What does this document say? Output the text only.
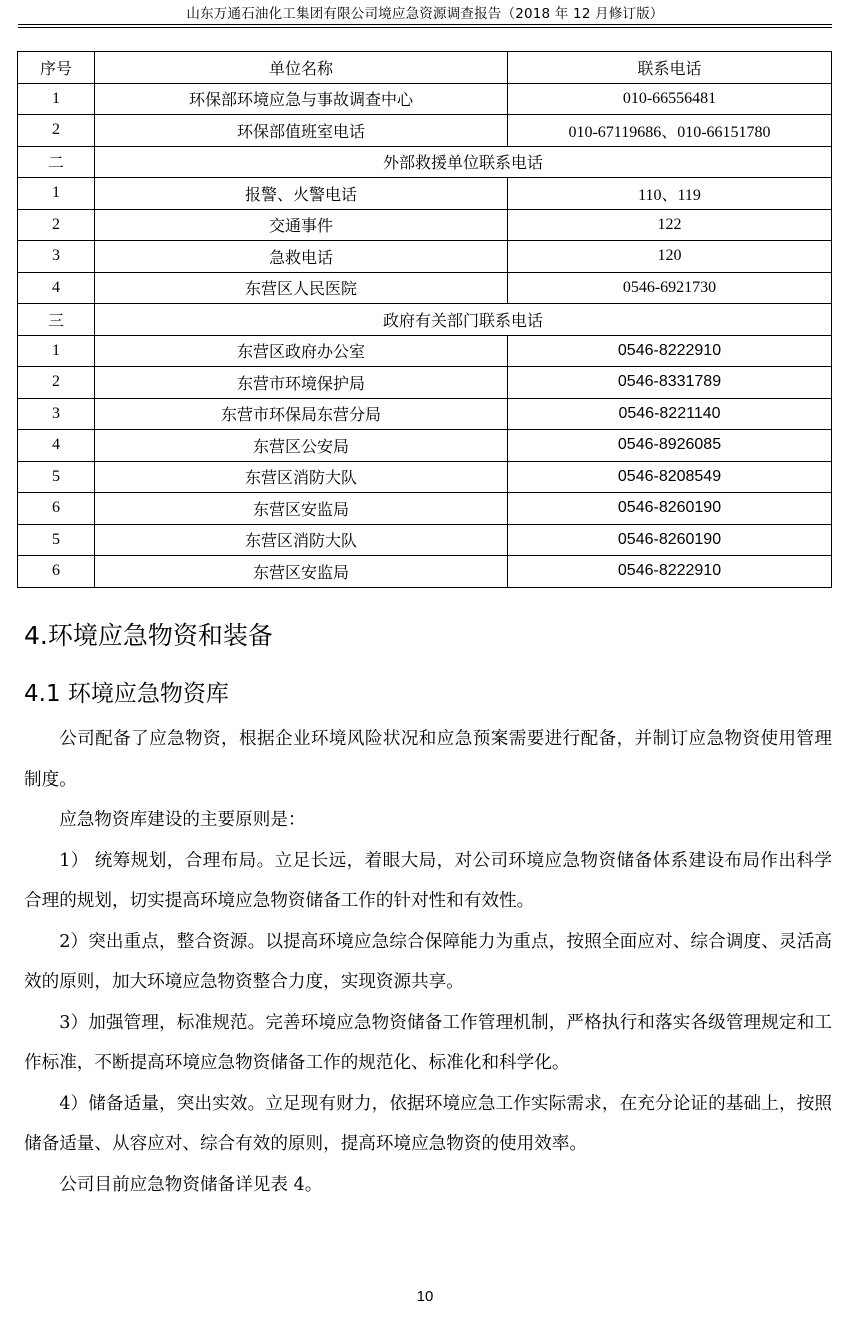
山东万通石油化工集团有限公司境应急资源调查报告（2018 年 12 月修订版）
序号	单位名称	联系电话
1	环保部环境应急与事故调查中心	010-66556481
2	环保部值班室电话	010-67119686、010-66151780
二	外部救援单位联系电话	
1	报警、火警电话	110、119
2	交通事件	122
3	急救电话	120
4	东营区人民医院	0546-6921730
三	政府有关部门联系电话	
1	东营区政府办公室	0546-8222910
2	东营市环境保护局	0546-8331789
3	东营市环保局东营分局	0546-8221140
4	东营区公安局	0546-8926085
5	东营区消防大队	0546-8208549
6	东营区安监局	0546-8260190
5	东营区消防大队	0546-8260190
6	东营区安监局	0546-8222910
4.环境应急物资和装备
4.1 环境应急物资库

公司配备了应急物资，根据企业环境风险状况和应急预案需要进行配备，并制订应急物资使用管理制度。

应急物资库建设的主要原则是：

1） 统筹规划，合理布局。立足长远，着眼大局，对公司环境应急物资储备体系建设布局作出科学合理的规划，切实提高环境应急物资储备工作的针对性和有效性。

2）突出重点，整合资源。以提高环境应急综合保障能力为重点，按照全面应对、综合调度、灵活高效的原则，加大环境应急物资整合力度，实现资源共享。

3）加强管理，标准规范。完善环境应急物资储备工作管理机制，严格执行和落实各级管理规定和工作标准，不断提高环境应急物资储备工作的规范化、标准化和科学化。

4）储备适量，突出实效。立足现有财力，依据环境应急工作实际需求，在充分论证的基础上，按照储备适量、从容应对、综合有效的原则，提高环境应急物资的使用效率。

公司目前应急物资储备详见表 4。

10
